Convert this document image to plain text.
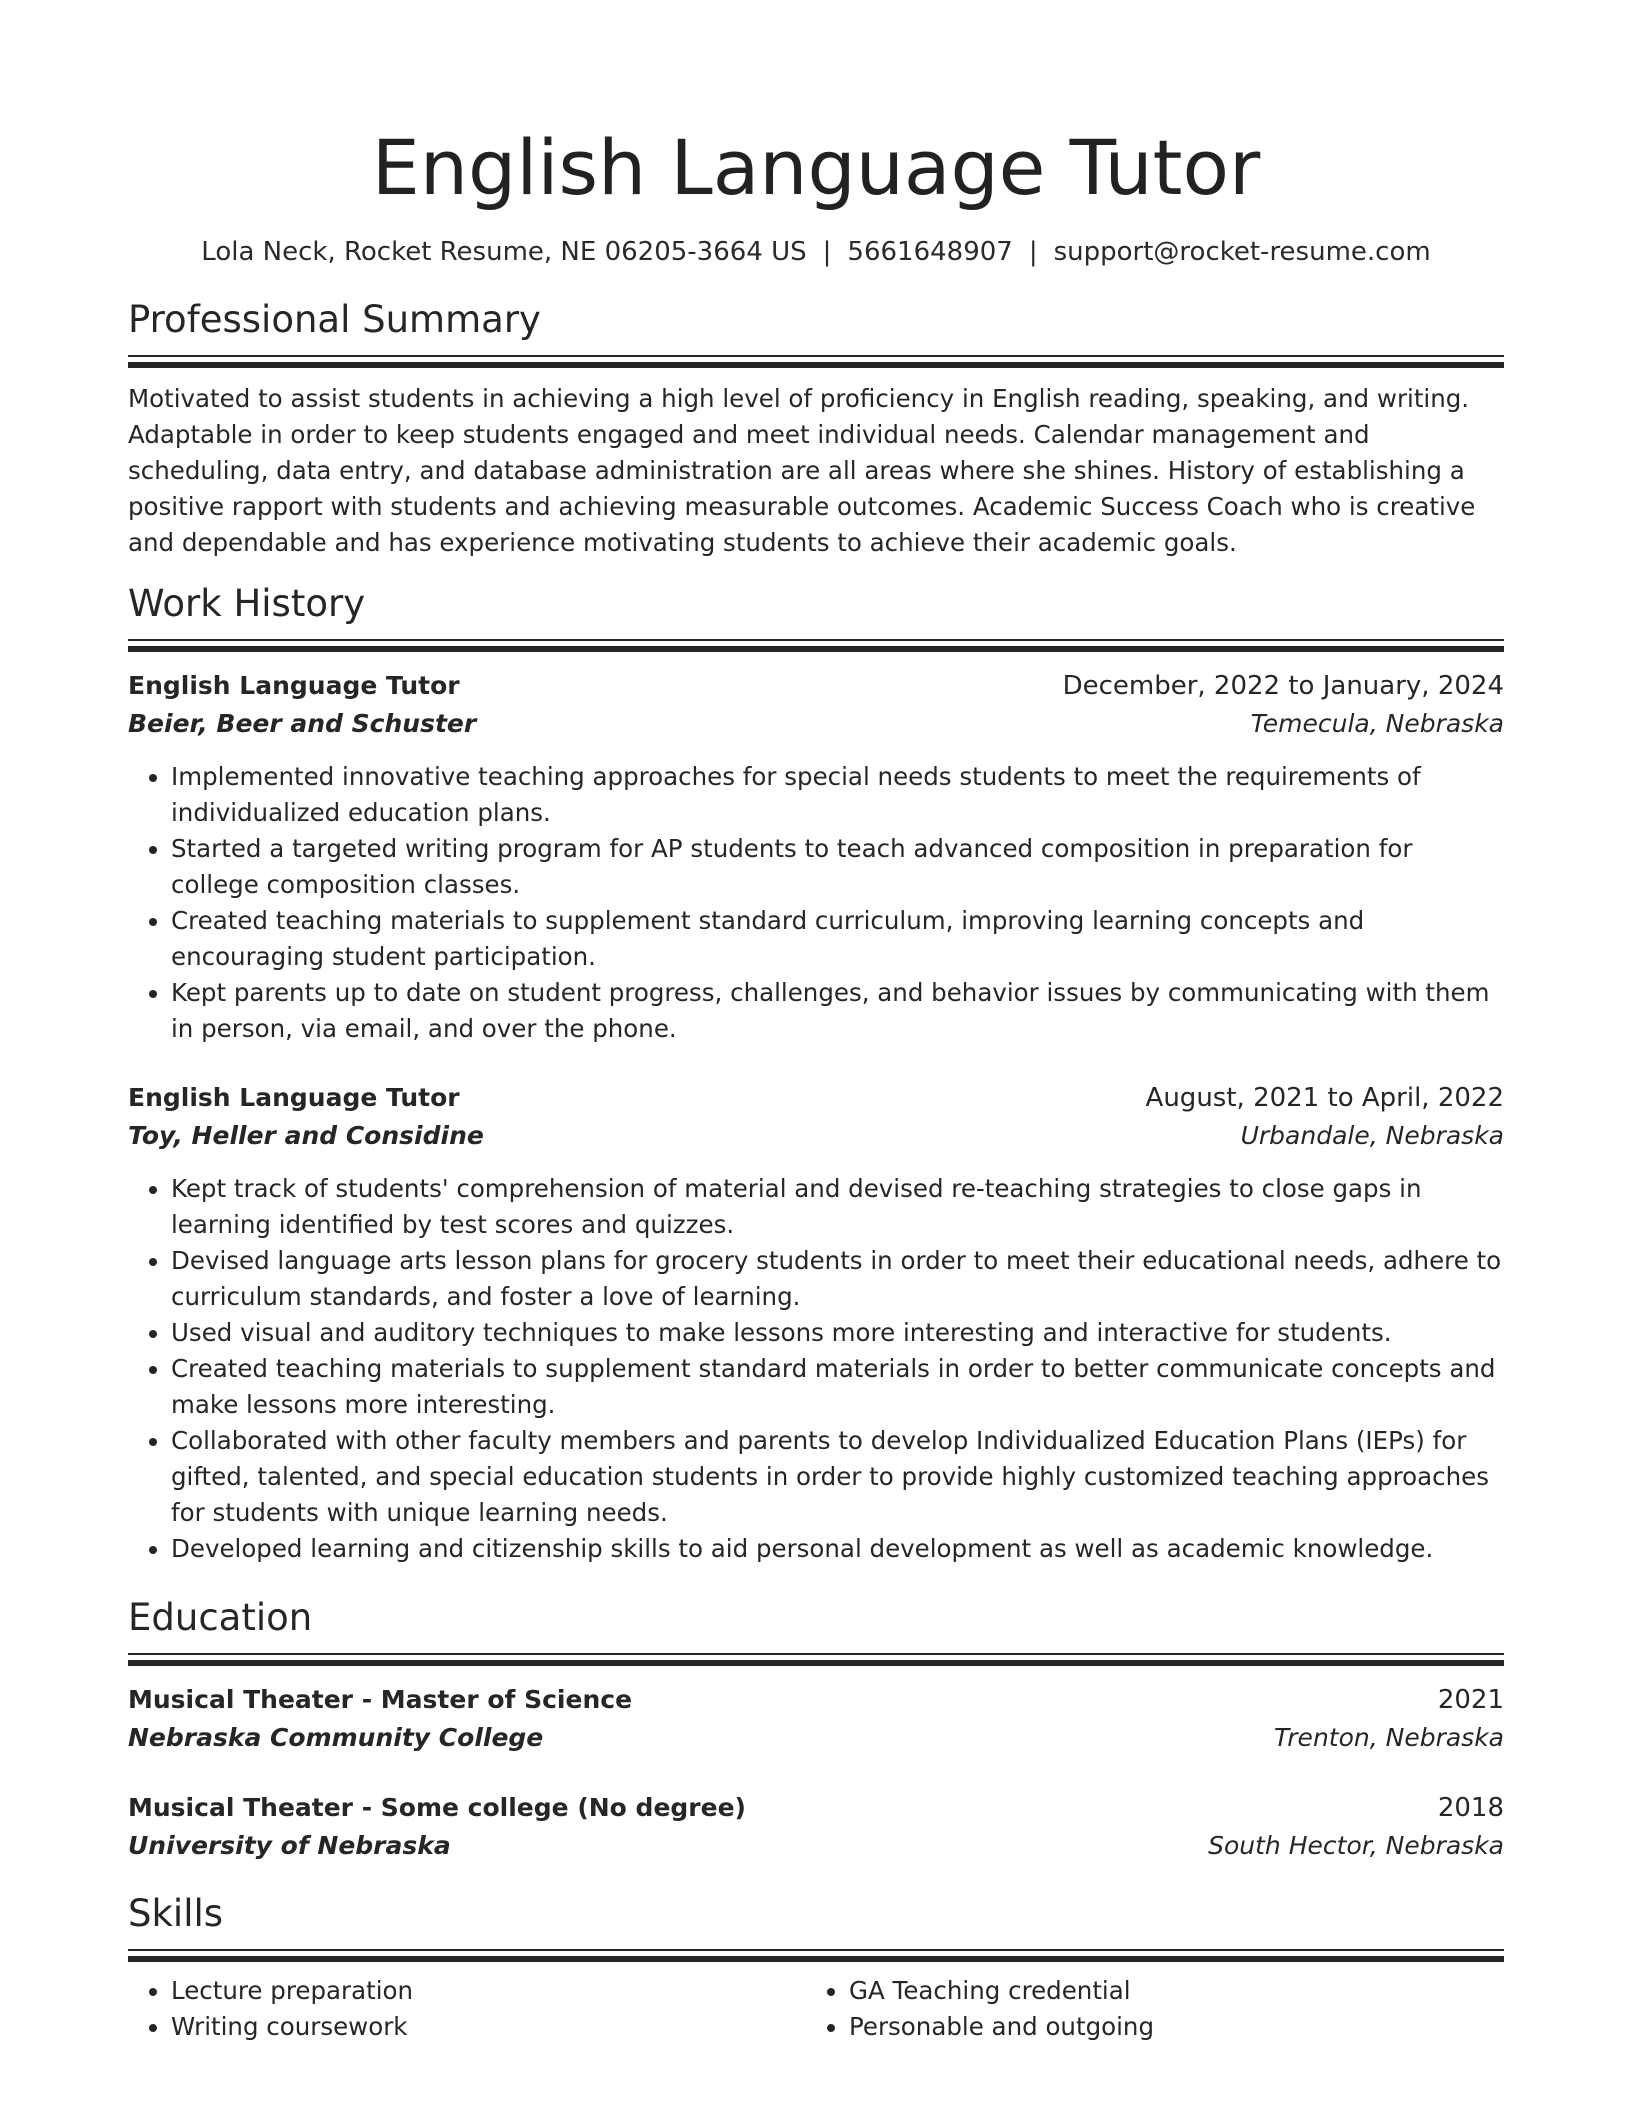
English Language Tutor
Lola Neck, Rocket Resume, NE 06205-3664 US | 5661648907 | support@rocket-resume.com
Professional Summary

Motivated to assist students in achieving a high level of proficiency in English reading, speaking, and writing. Adaptable in order to keep students engaged and meet individual needs. Calendar management and scheduling, data entry, and database administration are all areas where she shines. History of establishing a positive rapport with students and achieving measurable outcomes. Academic Success Coach who is creative and dependable and has experience motivating students to achieve their academic goals.

Work History
English Language Tutor	December, 2022 to January, 2024
Beier, Beer and Schuster	Temecula, Nebraska
• Implemented innovative teaching approaches for special needs students to meet the requirements of individualized education plans.
• Started a targeted writing program for AP students to teach advanced composition in preparation for college composition classes.
• Created teaching materials to supplement standard curriculum, improving learning concepts and encouraging student participation.
• Kept parents up to date on student progress, challenges, and behavior issues by communicating with them in person, via email, and over the phone.
English Language Tutor	August, 2021 to April, 2022
Toy, Heller and Considine	Urbandale, Nebraska
• Kept track of students' comprehension of material and devised re-teaching strategies to close gaps in learning identified by test scores and quizzes.
• Devised language arts lesson plans for grocery students in order to meet their educational needs, adhere to curriculum standards, and foster a love of learning.
• Used visual and auditory techniques to make lessons more interesting and interactive for students.
• Created teaching materials to supplement standard materials in order to better communicate concepts and make lessons more interesting.
• Collaborated with other faculty members and parents to develop Individualized Education Plans (IEPs) for gifted, talented, and special education students in order to provide highly customized teaching approaches for students with unique learning needs.
• Developed learning and citizenship skills to aid personal development as well as academic knowledge.
Education
Musical Theater - Master of Science	2021
Nebraska Community College	Trenton, Nebraska
Musical Theater - Some college (No degree)	2018
University of Nebraska	South Hector, Nebraska
Skills
• Lecture preparation
• Writing coursework
• GA Teaching credential
• Personable and outgoing
